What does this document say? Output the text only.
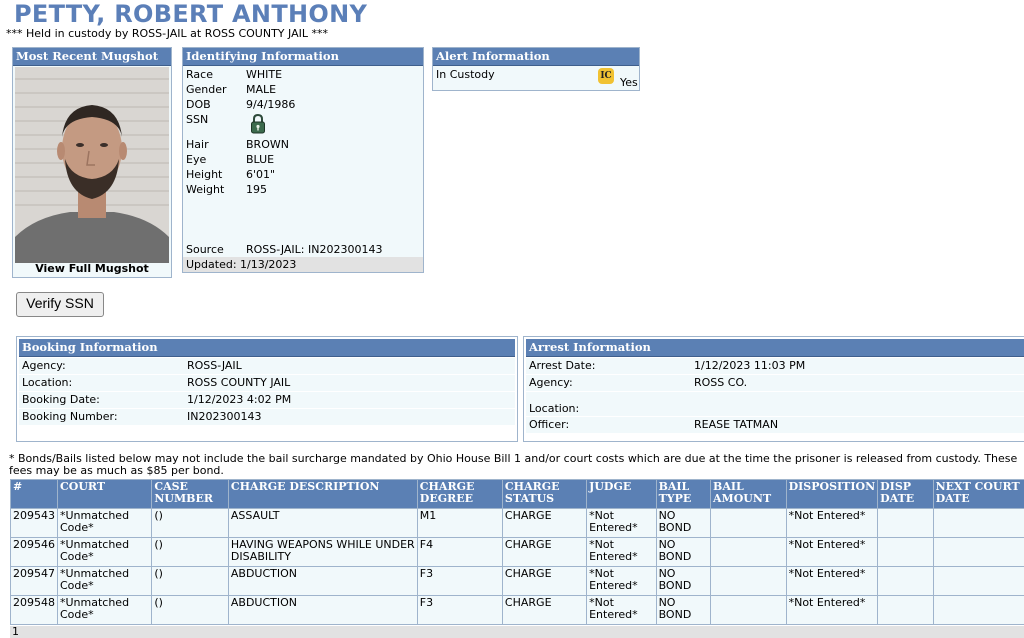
PETTY, ROBERT ANTHONY
*** Held in custody by ROSS-JAIL at ROSS COUNTY JAIL ***
Most Recent Mugshot
View Full Mugshot
Identifying Information
Race	WHITE
Gender MALE
DOB	9/4/1986
SSN
Hair	BROWN
Eye	BLUE
Height 6'01"
Weight 195
Source ROSS-JAIL: IN202300143
Updated: 1/13/2023
Alert Information
In Custody	IC Yes
Verify SSN
Booking Information
Agency:	ROSS-JAIL
Location:	ROSS COUNTY JAIL
Booking Date:	1/12/2023 4:02 PM
Booking Number:	IN202300143
Arrest Information
Arrest Date:	1/12/2023 11:03 PM
Agency:	ROSS CO.
Location:
Officer:	REASE TATMAN
* Bonds/Bails listed below may not include the bail surcharge mandated by Ohio House Bill 1 and/or court costs which are due at the time the prisoner is released from custody. These fees may be as much as $85 per bond.
#	COURT	CASE NUMBER	CHARGE DESCRIPTION	CHARGE DEGREE	CHARGE STATUS	JUDGE	BAIL TYPE	BAIL AMOUNT	DISPOSITION	DISP DATE	NEXT COURT DATE
209543	*Unmatched Code*	()	ASSAULT	M1	CHARGE	*Not Entered*	NO BOND		*Not Entered*		
209546	*Unmatched Code*	()	HAVING WEAPONS WHILE UNDER DISABILITY	F4	CHARGE	*Not Entered*	NO BOND		*Not Entered*		
209547	*Unmatched Code*	()	ABDUCTION	F3	CHARGE	*Not Entered*	NO BOND		*Not Entered*		
209548	*Unmatched Code*	()	ABDUCTION	F3	CHARGE	*Not Entered*	NO BOND		*Not Entered*		
1
